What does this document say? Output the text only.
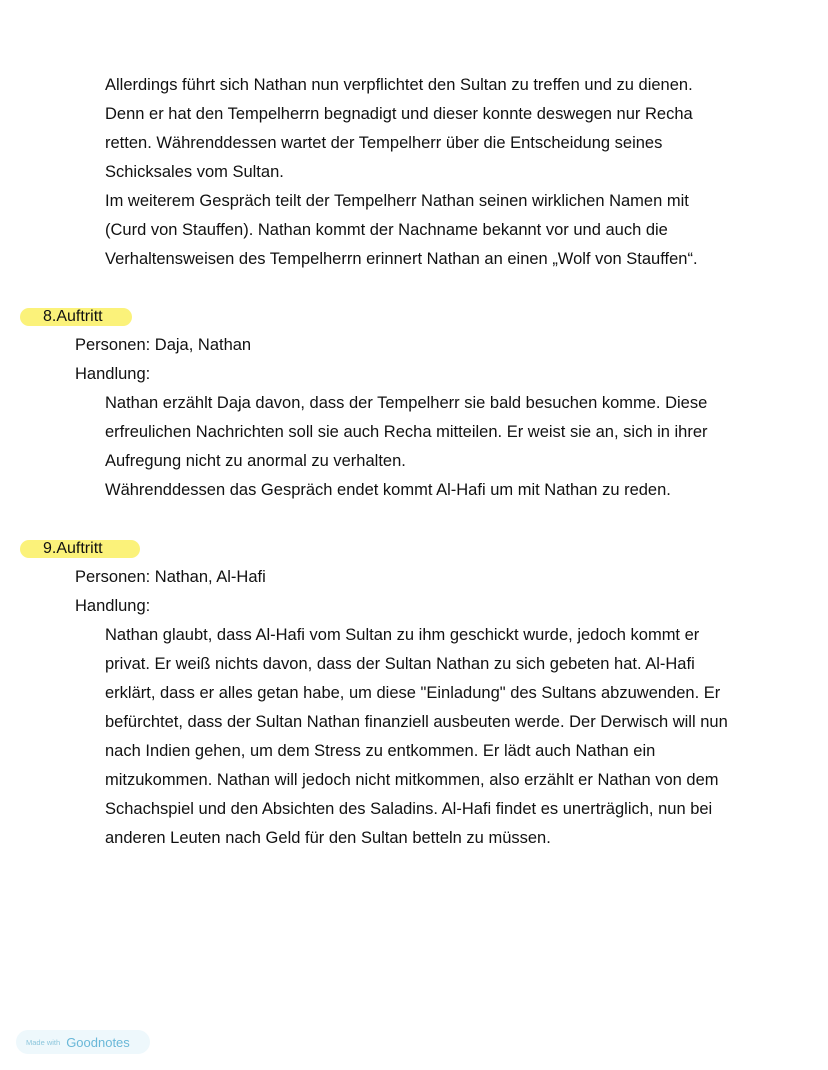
Allerdings führt sich Nathan nun verpflichtet den Sultan zu treffen und zu dienen.
Denn er hat den Tempelherrn begnadigt und dieser konnte deswegen nur Recha
retten. Währenddessen wartet der Tempelherr über die Entscheidung seines
Schicksales vom Sultan.
Im weiterem Gespräch teilt der Tempelherr Nathan seinen wirklichen Namen mit
(Curd von Stauffen). Nathan kommt der Nachname bekannt vor und auch die
Verhaltensweisen des Tempelherrn erinnert Nathan an einen „Wolf von Stauffen“.
8.Auftritt
Personen: Daja, Nathan
Handlung:
Nathan erzählt Daja davon, dass der Tempelherr sie bald besuchen komme. Diese
erfreulichen Nachrichten soll sie auch Recha mitteilen. Er weist sie an, sich in ihrer
Aufregung nicht zu anormal zu verhalten.
Währenddessen das Gespräch endet kommt Al-Hafi um mit Nathan zu reden.
9.Auftritt
Personen: Nathan, Al-Hafi
Handlung:
Nathan glaubt, dass Al-Hafi vom Sultan zu ihm geschickt wurde, jedoch kommt er
privat. Er weiß nichts davon, dass der Sultan Nathan zu sich gebeten hat. Al-Hafi
erklärt, dass er alles getan habe, um diese "Einladung" des Sultans abzuwenden. Er
befürchtet, dass der Sultan Nathan finanziell ausbeuten werde. Der Derwisch will nun
nach Indien gehen, um dem Stress zu entkommen. Er lädt auch Nathan ein
mitzukommen. Nathan will jedoch nicht mitkommen, also erzählt er Nathan von dem
Schachspiel und den Absichten des Saladins. Al-Hafi findet es unerträglich, nun bei
anderen Leuten nach Geld für den Sultan betteln zu müssen.
Made with Goodnotes
